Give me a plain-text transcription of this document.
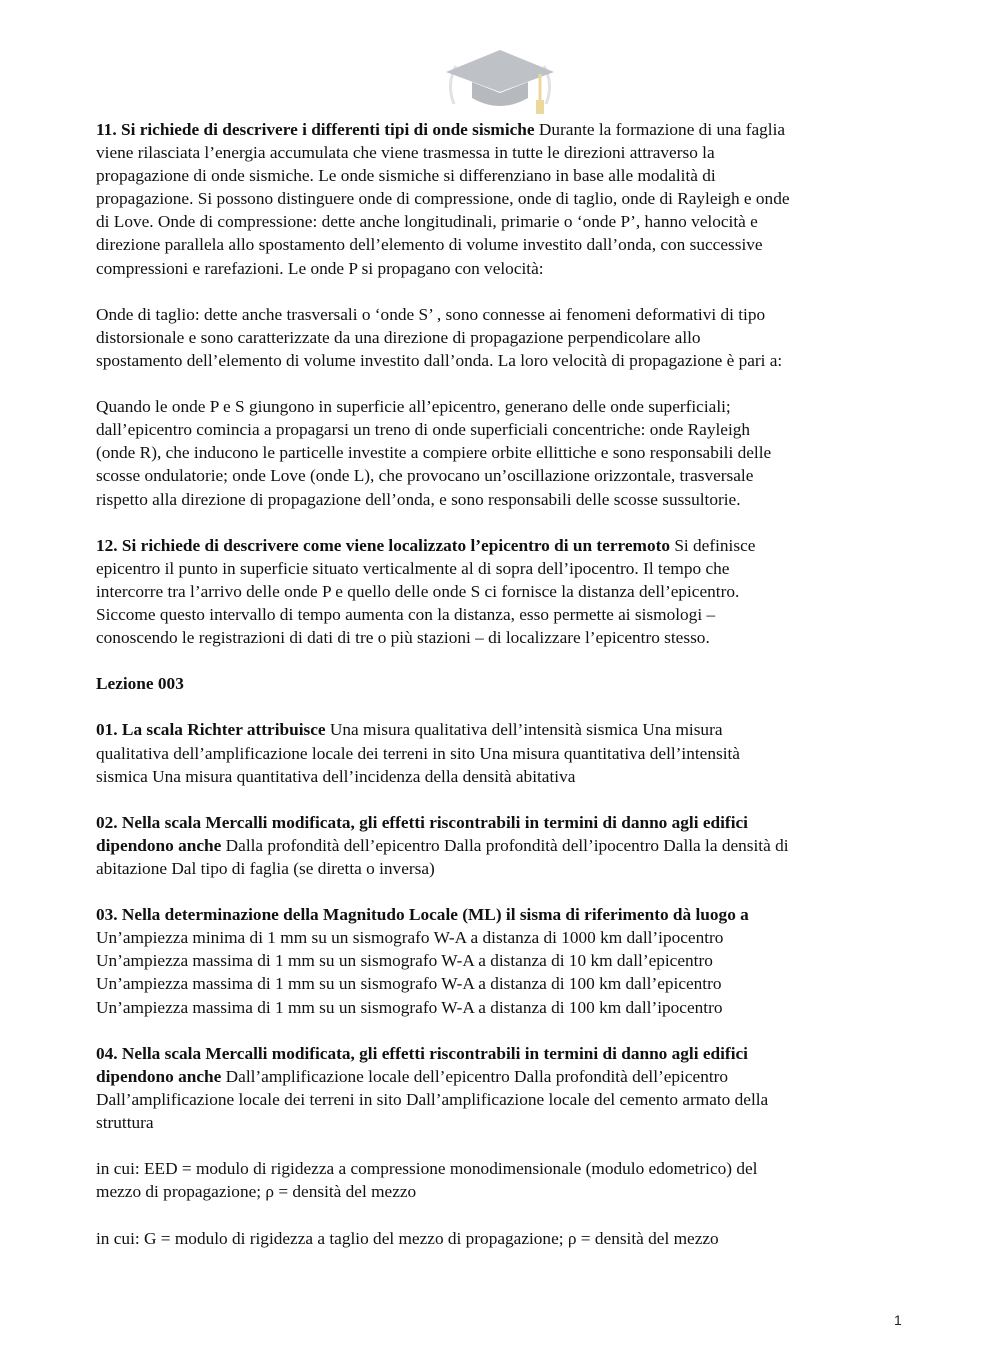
11. Si richiede di descrivere i differenti tipi di onde sismiche Durante la formazione di una faglia
viene rilasciata l’energia accumulata che viene trasmessa in tutte le direzioni attraverso la
propagazione di onde sismiche. Le onde sismiche si differenziano in base alle modalità di
propagazione. Si possono distinguere onde di compressione, onde di taglio, onde di Rayleigh e onde
di Love. Onde di compressione: dette anche longitudinali, primarie o ‘onde P’, hanno velocità e
direzione parallela allo spostamento dell’elemento di volume investito dall’onda, con successive
compressioni e rarefazioni. Le onde P si propagano con velocità:
Onde di taglio: dette anche trasversali o ‘onde S’ , sono connesse ai fenomeni deformativi di tipo
distorsionale e sono caratterizzate da una direzione di propagazione perpendicolare allo
spostamento dell’elemento di volume investito dall’onda. La loro velocità di propagazione è pari a:
Quando le onde P e S giungono in superficie all’epicentro, generano delle onde superficiali;
dall’epicentro comincia a propagarsi un treno di onde superficiali concentriche: onde Rayleigh
(onde R), che inducono le particelle investite a compiere orbite ellittiche e sono responsabili delle
scosse ondulatorie; onde Love (onde L), che provocano un’oscillazione orizzontale, trasversale
rispetto alla direzione di propagazione dell’onda, e sono responsabili delle scosse sussultorie.
12. Si richiede di descrivere come viene localizzato l’epicentro di un terremoto Si definisce
epicentro il punto in superficie situato verticalmente al di sopra dell’ipocentro. Il tempo che
intercorre tra l’arrivo delle onde P e quello delle onde S ci fornisce la distanza dell’epicentro.
Siccome questo intervallo di tempo aumenta con la distanza, esso permette ai sismologi –
conoscendo le registrazioni di dati di tre o più stazioni – di localizzare l’epicentro stesso.
Lezione 003
01. La scala Richter attribuisce Una misura qualitativa dell’intensità sismica Una misura
qualitativa dell’amplificazione locale dei terreni in sito Una misura quantitativa dell’intensità
sismica Una misura quantitativa dell’incidenza della densità abitativa
02. Nella scala Mercalli modificata, gli effetti riscontrabili in termini di danno agli edifici
dipendono anche Dalla profondità dell’epicentro Dalla profondità dell’ipocentro Dalla la densità di
abitazione Dal tipo di faglia (se diretta o inversa)
03. Nella determinazione della Magnitudo Locale (ML) il sisma di riferimento dà luogo a
Un’ampiezza minima di 1 mm su un sismografo W-A a distanza di 1000 km dall’ipocentro
Un’ampiezza massima di 1 mm su un sismografo W-A a distanza di 10 km dall’epicentro
Un’ampiezza massima di 1 mm su un sismografo W-A a distanza di 100 km dall’epicentro
Un’ampiezza massima di 1 mm su un sismografo W-A a distanza di 100 km dall’ipocentro
04. Nella scala Mercalli modificata, gli effetti riscontrabili in termini di danno agli edifici
dipendono anche Dall’amplificazione locale dell’epicentro Dalla profondità dell’epicentro
Dall’amplificazione locale dei terreni in sito Dall’amplificazione locale del cemento armato della
struttura
in cui: EED = modulo di rigidezza a compressione monodimensionale (modulo edometrico) del
mezzo di propagazione; ρ = densità del mezzo
in cui: G = modulo di rigidezza a taglio del mezzo di propagazione; ρ = densità del mezzo
1
